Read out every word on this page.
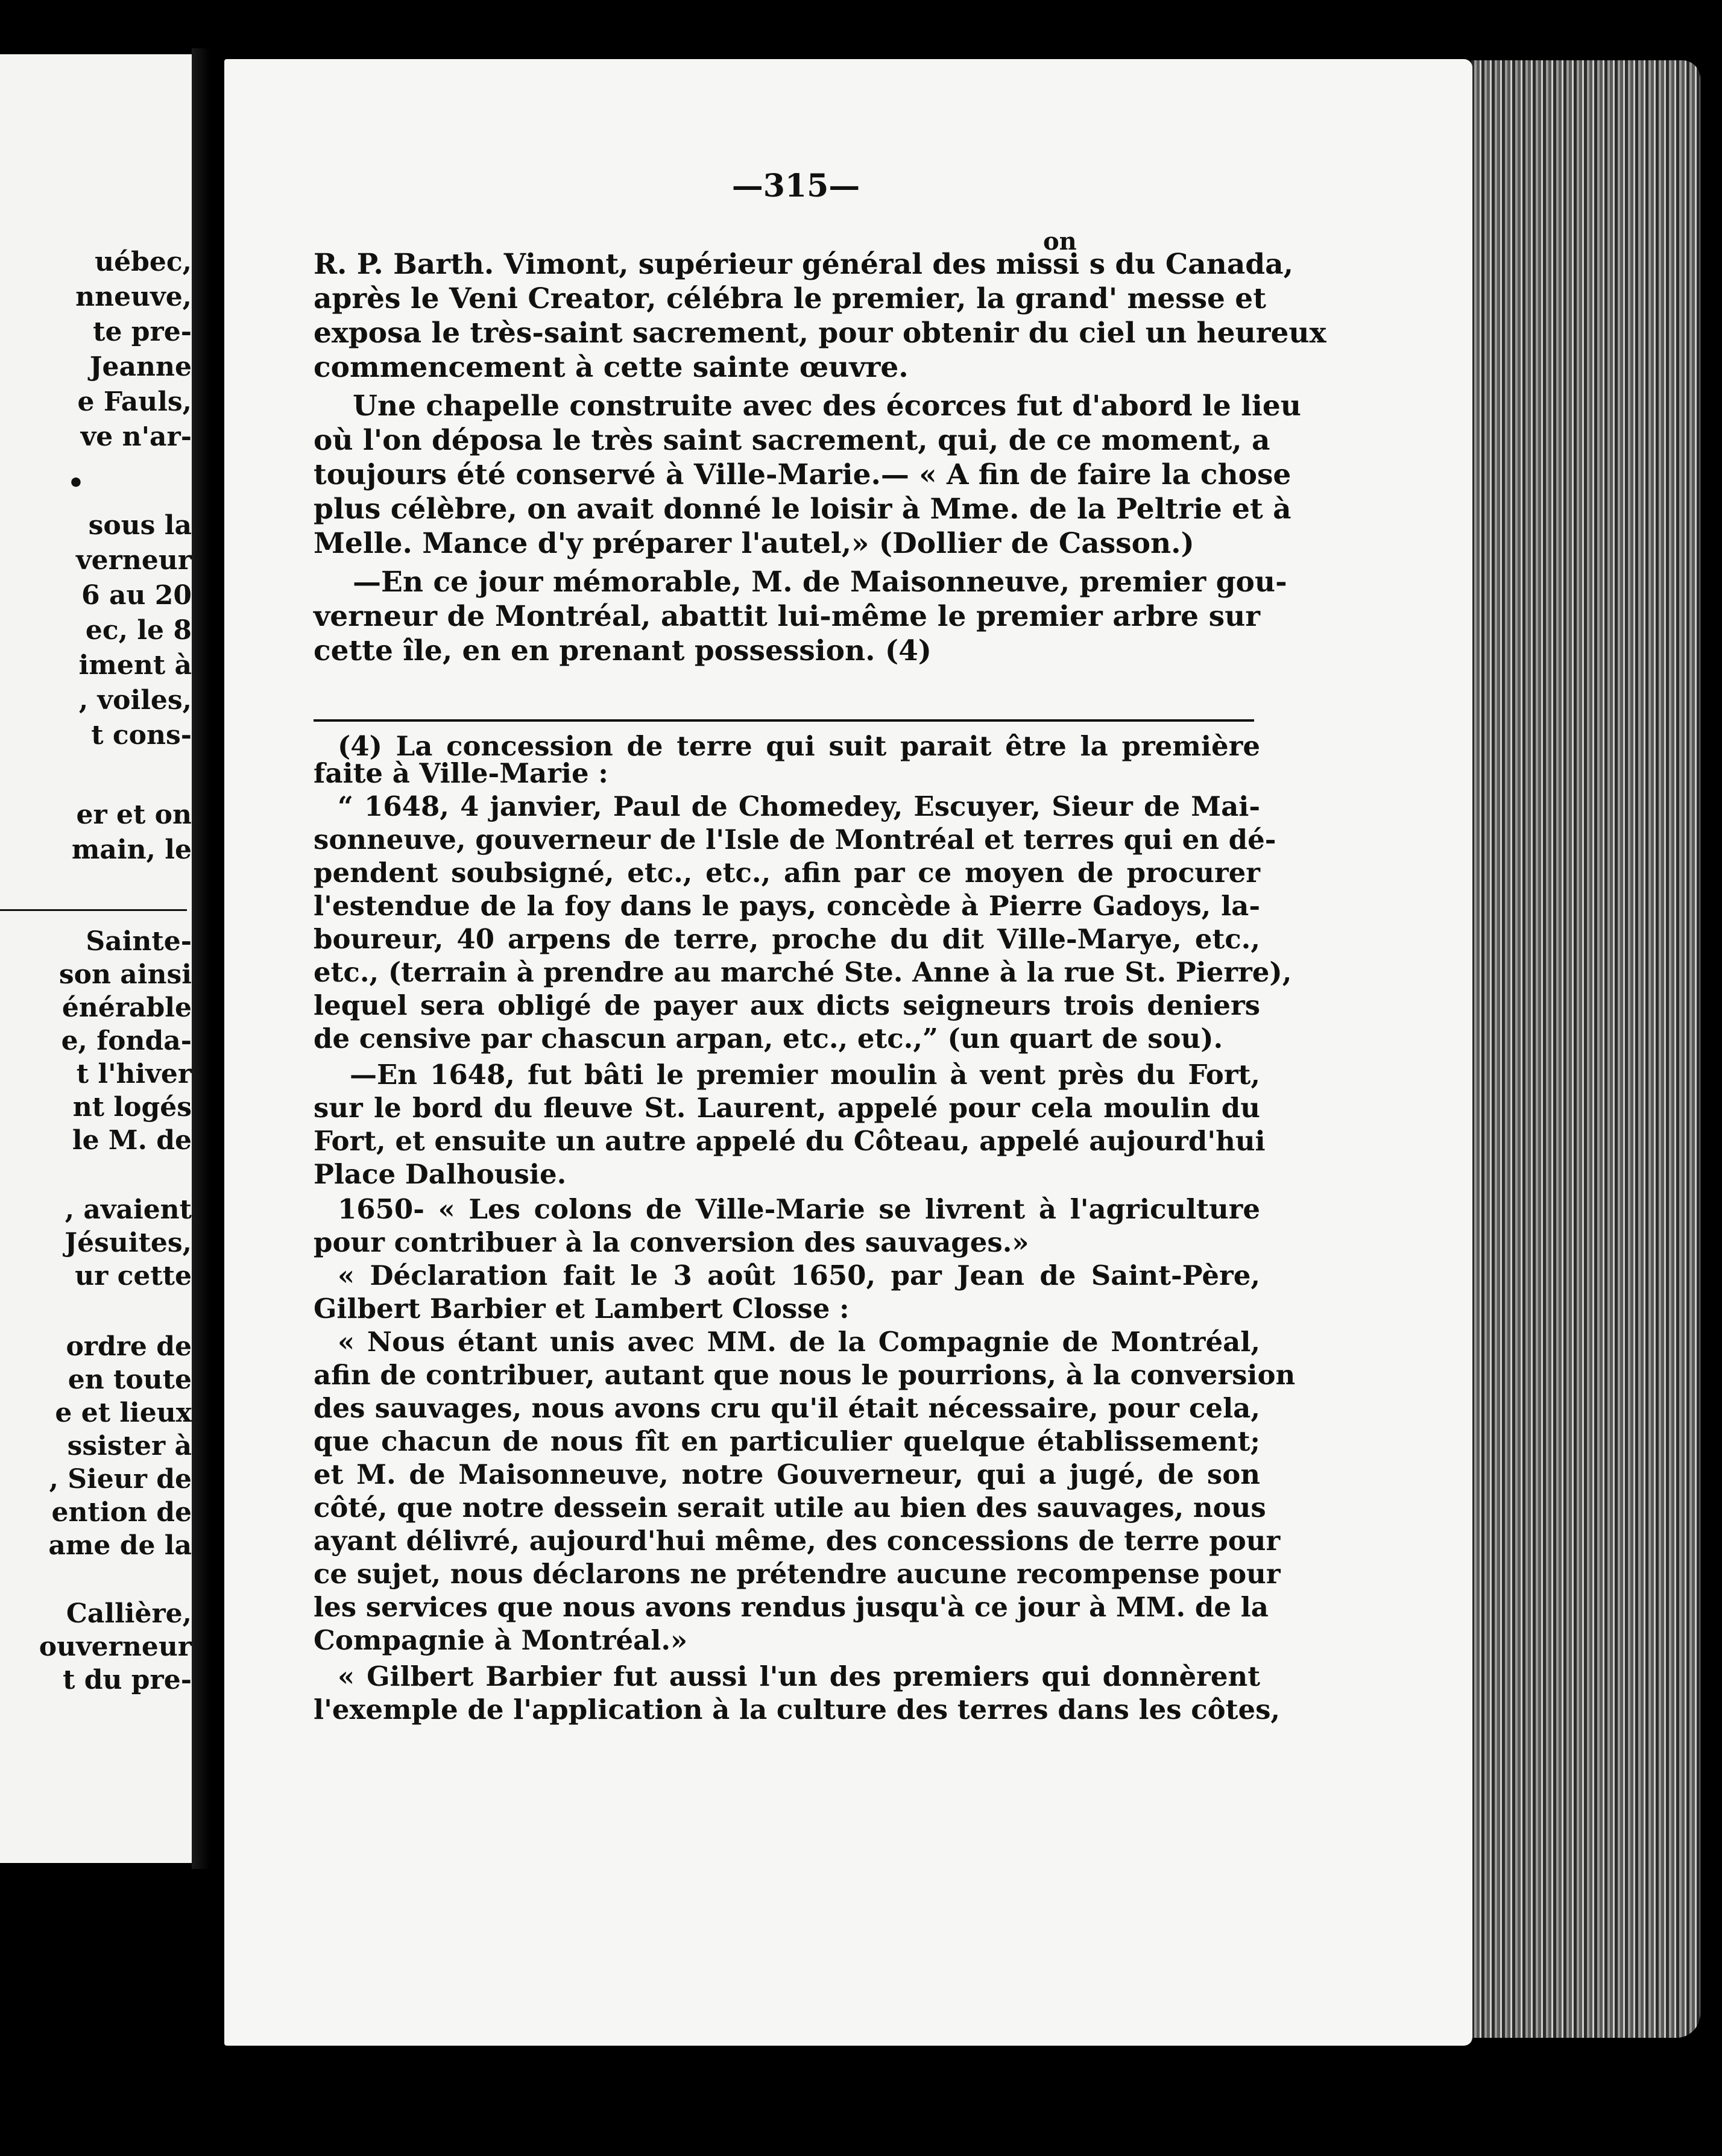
uébec,
nneuve,
te pre-
Jeanne
e Fauls,
ve n'ar-
•
sous la
verneur
6 au 20
ec, le 8
iment à
, voiles,
t cons-
er et on
main, le
Sainte-
son ainsi
énérable
e, fonda-
t l'hiver
nt logés
le M. de
, avaient
Jésuites,
ur cette
ordre de
en toute
e et lieux
ssister à
, Sieur de
ention de
ame de la
Callière,
ouverneur
t du pre-
—315—
on
R. P. Barth. Vimont, supérieur général des missi s du Canada,
après le Veni Creator, célébra le premier, la grand' messe et
exposa le très-saint sacrement, pour obtenir du ciel un heureux
commencement à cette sainte œuvre.
Une chapelle construite avec des écorces fut d'abord le lieu
où l'on déposa le très saint sacrement, qui, de ce moment, a
toujours été conservé à Ville-Marie.— « A fin de faire la chose
plus célèbre, on avait donné le loisir à Mme. de la Peltrie et à
Melle. Mance d'y préparer l'autel,» (Dollier de Casson.)
—En ce jour mémorable, M. de Maisonneuve, premier gou-
verneur de Montréal, abattit lui-même le premier arbre sur
cette île, en en prenant possession. (4)
(4) La concession de terre qui suit parait être la première
faite à Ville-Marie :
“ 1648, 4 janvier, Paul de Chomedey, Escuyer, Sieur de Mai-
sonneuve, gouverneur de l'Isle de Montréal et terres qui en dé-
pendent soubsigné, etc., etc., afin par ce moyen de procurer
l'estendue de la foy dans le pays, concède à Pierre Gadoys, la-
boureur, 40 arpens de terre, proche du dit Ville-Marye, etc.,
etc., (terrain à prendre au marché Ste. Anne à la rue St. Pierre),
lequel sera obligé de payer aux dicts seigneurs trois deniers
de censive par chascun arpan, etc., etc.,” (un quart de sou).
—En 1648, fut bâti le premier moulin à vent près du Fort,
sur le bord du fleuve St. Laurent, appelé pour cela moulin du
Fort, et ensuite un autre appelé du Côteau, appelé aujourd'hui
Place Dalhousie.
1650- « Les colons de Ville-Marie se livrent à l'agriculture
pour contribuer à la conversion des sauvages.»
« Déclaration fait le 3 août 1650, par Jean de Saint-Père,
Gilbert Barbier et Lambert Closse :
« Nous étant unis avec MM. de la Compagnie de Montréal,
afin de contribuer, autant que nous le pourrions, à la conversion
des sauvages, nous avons cru qu'il était nécessaire, pour cela,
que chacun de nous fît en particulier quelque établissement;
et M. de Maisonneuve, notre Gouverneur, qui a jugé, de son
côté, que notre dessein serait utile au bien des sauvages, nous
ayant délivré, aujourd'hui même, des concessions de terre pour
ce sujet, nous déclarons ne prétendre aucune recompense pour
les services que nous avons rendus jusqu'à ce jour à MM. de la
Compagnie à Montréal.»
« Gilbert Barbier fut aussi l'un des premiers qui donnèrent
l'exemple de l'application à la culture des terres dans les côtes,
